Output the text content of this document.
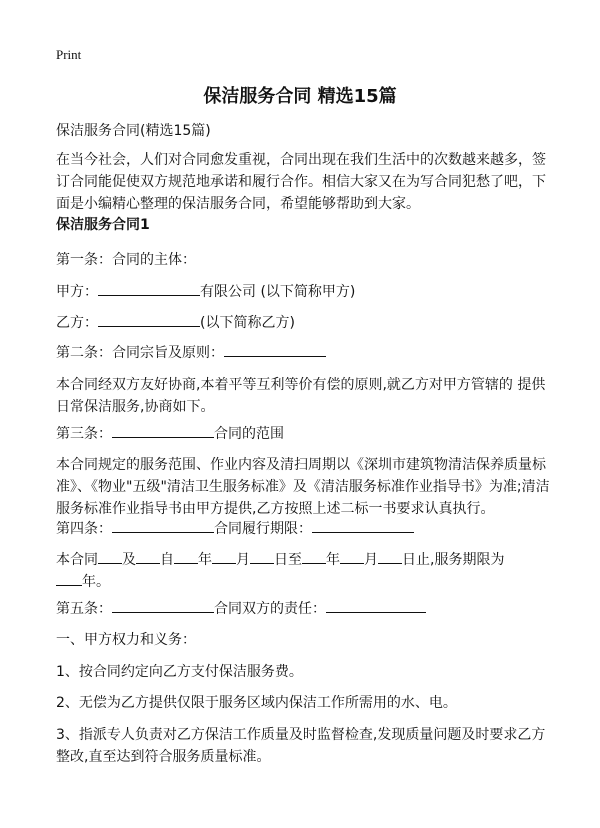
Print
保洁服务合同 精选15篇
保洁服务合同(精选15篇)
在当今社会，人们对合同愈发重视，合同出现在我们生活中的次数越来越多，签订合同能促使双方规范地承诺和履行合作。相信大家又在为写合同犯愁了吧，下面是小编精心整理的保洁服务合同，希望能够帮助到大家。
保洁服务合同1
第一条：合同的主体：
甲方：	有限公司 (以下简称甲方)
乙方：	(以下简称乙方)
第二条：合同宗旨及原则：
本合同经双方友好协商,本着平等互利等价有偿的原则,就乙方对甲方管辖的 提供日常保洁服务,协商如下。
第三条：	合同的范围
本合同规定的服务范围、作业内容及清扫周期以《深圳市建筑物清洁保养质量标准》、《物业"五级"清洁卫生服务标准》及《清洁服务标准作业指导书》为准;清洁服务标准作业指导书由甲方提供,乙方按照上述二标一书要求认真执行。
第四条：	合同履行期限：
本合同 及 自 年 月 日至 年 月 日止,服务期限为
年。
第五条：	合同双方的责任：
一、甲方权力和义务：
1、按合同约定向乙方支付保洁服务费。
2、无偿为乙方提供仅限于服务区域内保洁工作所需用的水、电。
3、指派专人负责对乙方保洁工作质量及时监督检查,发现质量问题及时要求乙方整改,直至达到符合服务质量标准。
